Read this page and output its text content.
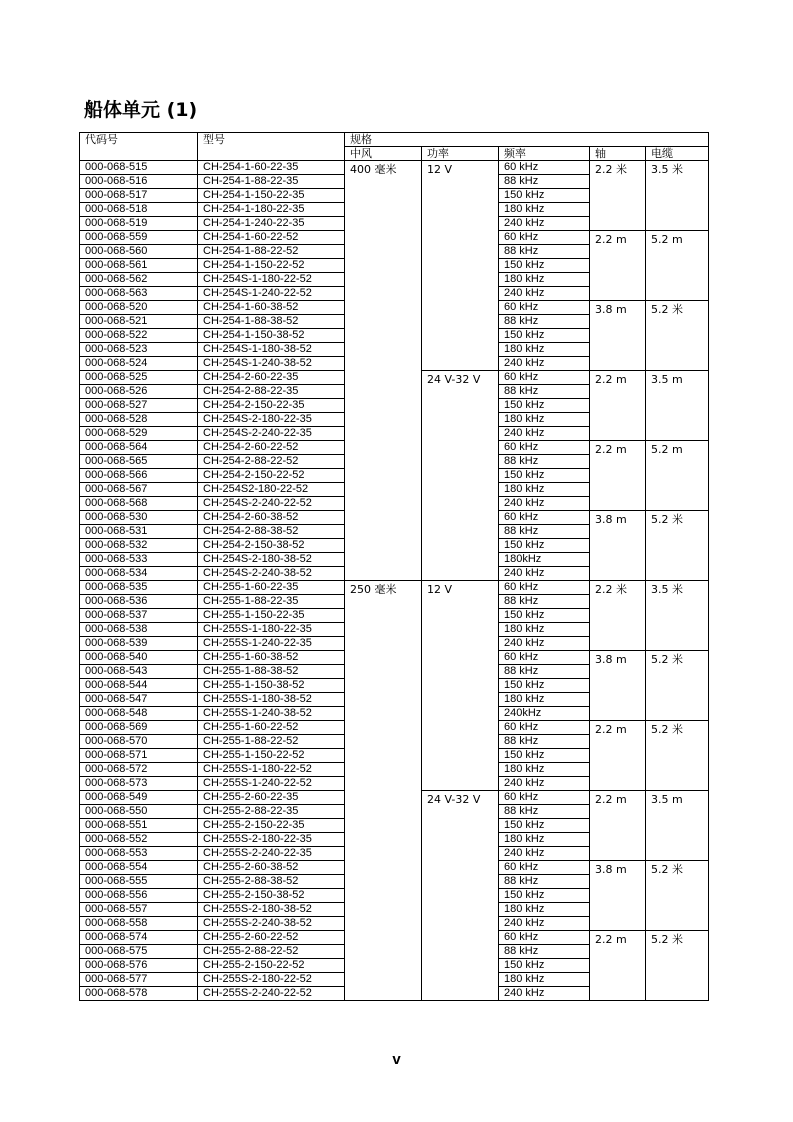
船体单元 (1)
代码号	型号	规格				
		中风	功率	频率	轴	电缆
000-068-515	CH-254-1-60-22-35	400 毫米	12 V	60 kHz	2.2 米	3.5 米
000-068-516	CH-254-1-88-22-35			88 kHz		
000-068-517	CH-254-1-150-22-35			150 kHz		
000-068-518	CH-254-1-180-22-35			180 kHz		
000-068-519	CH-254-1-240-22-35			240 kHz		
000-068-559	CH-254-1-60-22-52			60 kHz	2.2 m	5.2 m
000-068-560	CH-254-1-88-22-52			88 kHz		
000-068-561	CH-254-1-150-22-52			150 kHz		
000-068-562	CH-254S-1-180-22-52			180 kHz		
000-068-563	CH-254S-1-240-22-52			240 kHz		
000-068-520	CH-254-1-60-38-52			60 kHz	3.8 m	5.2 米
000-068-521	CH-254-1-88-38-52			88 kHz		
000-068-522	CH-254-1-150-38-52			150 kHz		
000-068-523	CH-254S-1-180-38-52			180 kHz		
000-068-524	CH-254S-1-240-38-52			240 kHz		
000-068-525	CH-254-2-60-22-35		24 V-32 V	60 kHz	2.2 m	3.5 m
000-068-526	CH-254-2-88-22-35			88 kHz		
000-068-527	CH-254-2-150-22-35			150 kHz		
000-068-528	CH-254S-2-180-22-35			180 kHz		
000-068-529	CH-254S-2-240-22-35			240 kHz		
000-068-564	CH-254-2-60-22-52			60 kHz	2.2 m	5.2 m
000-068-565	CH-254-2-88-22-52			88 kHz		
000-068-566	CH-254-2-150-22-52			150 kHz		
000-068-567	CH-254S2-180-22-52			180 kHz		
000-068-568	CH-254S-2-240-22-52			240 kHz		
000-068-530	CH-254-2-60-38-52			60 kHz	3.8 m	5.2 米
000-068-531	CH-254-2-88-38-52			88 kHz		
000-068-532	CH-254-2-150-38-52			150 kHz		
000-068-533	CH-254S-2-180-38-52			180kHz		
000-068-534	CH-254S-2-240-38-52			240 kHz		
000-068-535	CH-255-1-60-22-35	250 毫米	12 V	60 kHz	2.2 米	3.5 米
000-068-536	CH-255-1-88-22-35			88 kHz		
000-068-537	CH-255-1-150-22-35			150 kHz		
000-068-538	CH-255S-1-180-22-35			180 kHz		
000-068-539	CH-255S-1-240-22-35			240 kHz		
000-068-540	CH-255-1-60-38-52			60 kHz	3.8 m	5.2 米
000-068-543	CH-255-1-88-38-52			88 kHz		
000-068-544	CH-255-1-150-38-52			150 kHz		
000-068-547	CH-255S-1-180-38-52			180 kHz		
000-068-548	CH-255S-1-240-38-52			240kHz		
000-068-569	CH-255-1-60-22-52			60 kHz	2.2 m	5.2 米
000-068-570	CH-255-1-88-22-52			88 kHz		
000-068-571	CH-255-1-150-22-52			150 kHz		
000-068-572	CH-255S-1-180-22-52			180 kHz		
000-068-573	CH-255S-1-240-22-52			240 kHz		
000-068-549	CH-255-2-60-22-35		24 V-32 V	60 kHz	2.2 m	3.5 m
000-068-550	CH-255-2-88-22-35			88 kHz		
000-068-551	CH-255-2-150-22-35			150 kHz		
000-068-552	CH-255S-2-180-22-35			180 kHz		
000-068-553	CH-255S-2-240-22-35			240 kHz		
000-068-554	CH-255-2-60-38-52			60 kHz	3.8 m	5.2 米
000-068-555	CH-255-2-88-38-52			88 kHz		
000-068-556	CH-255-2-150-38-52			150 kHz		
000-068-557	CH-255S-2-180-38-52			180 kHz		
000-068-558	CH-255S-2-240-38-52			240 kHz		
000-068-574	CH-255-2-60-22-52			60 kHz	2.2 m	5.2 米
000-068-575	CH-255-2-88-22-52			88 kHz		
000-068-576	CH-255-2-150-22-52			150 kHz		
000-068-577	CH-255S-2-180-22-52			180 kHz		
000-068-578	CH-255S-2-240-22-52			240 kHz		
v
